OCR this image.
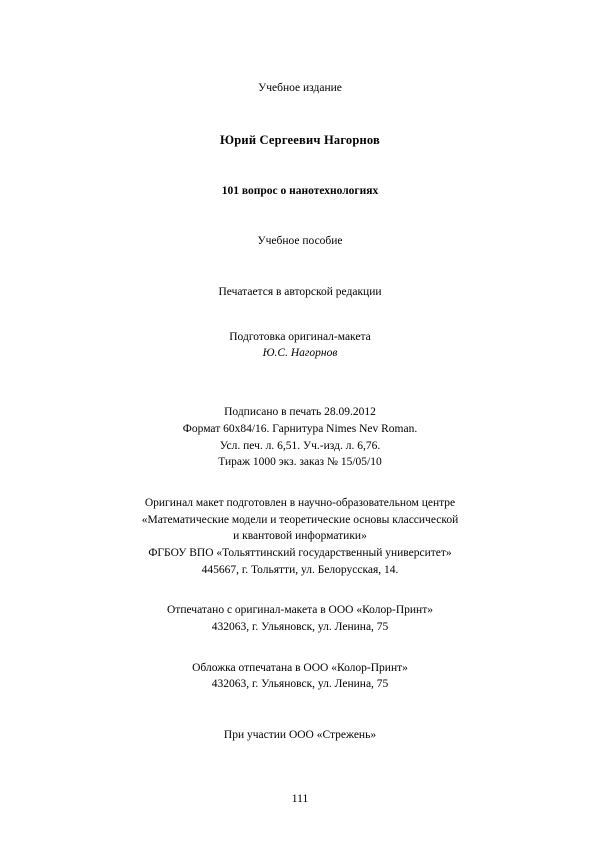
Учебное издание
Юрий Сергеевич Нагорнов
101 вопрос о нанотехнологиях
Учебное пособие
Печатается в авторской редакции
Подготовка оригинал-макета
Ю.С. Нагорнов
Подписано в печать 28.09.2012
Формат 60х84/16. Гарнитура Nimes Nev Roman.
Усл. печ. л. 6,51. Уч.-изд. л. 6,76.
Тираж 1000 экз. заказ № 15/05/10
Оригинал макет подготовлен в научно-образовательном центре
«Математические модели и теоретические основы классической
и квантовой информатики»
ФГБОУ ВПО «Тольяттинский государственный университет»
445667, г. Тольятти, ул. Белорусская, 14.
Отпечатано с оригинал-макета в ООО «Колор-Принт»
432063, г. Ульяновск, ул. Ленина, 75
Обложка отпечатана в ООО «Колор-Принт»
432063, г. Ульяновск, ул. Ленина, 75
При участии ООО «Стрежень»
111
